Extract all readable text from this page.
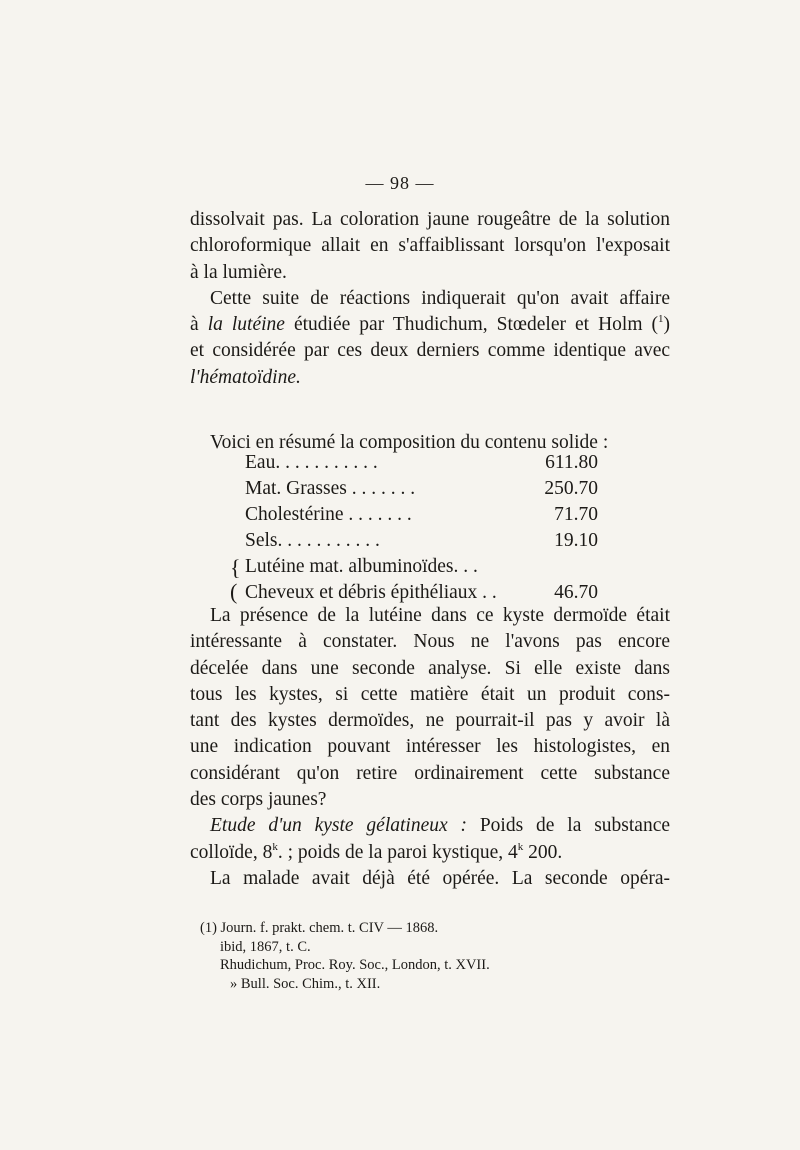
— 98 —
dissolvait pas. La coloration jaune rougeâtre de la solution
chloroformique allait en s'affaiblissant lorsqu'on l'exposait
à la lumière.
Cette suite de réactions indiquerait qu'on avait affaire
à la lutéine étudiée par Thudichum, Stœdeler et Holm ($^1$)
et considérée par ces deux derniers comme identique avec
l'hématoïdine.
Voici en résumé la composition du contenu solide :
Eau. . . . . . . . . . .	611.80
Mat. Grasses . . . . . . .	250.70
Cholestérine . . . . . . .	71.70
Sels. . . . . . . . . . .	19.10
{ Lutéine mat. albuminoïdes. . .
( Cheveux et débris épithéliaux . .	46.70
La présence de la lutéine dans ce kyste dermoïde était
intéressante à constater. Nous ne l'avons pas encore
décelée dans une seconde analyse. Si elle existe dans
tous les kystes, si cette matière était un produit cons-
tant des kystes dermoïdes, ne pourrait-il pas y avoir là
une indication pouvant intéresser les histologistes, en
considérant qu'on retire ordinairement cette substance
des corps jaunes?
Etude d'un kyste gélatineux : Poids de la substance
colloïde, 8$^k$. ; poids de la paroi kystique, 4$^k$ 200.
La malade avait déjà été opérée. La seconde opéra-
(1) Journ. f. prakt. chem. t. CIV — 1868.
ibid, 1867, t. C.
Rhudichum, Proc. Roy. Soc., London, t. XVII.
» Bull. Soc. Chim., t. XII.
